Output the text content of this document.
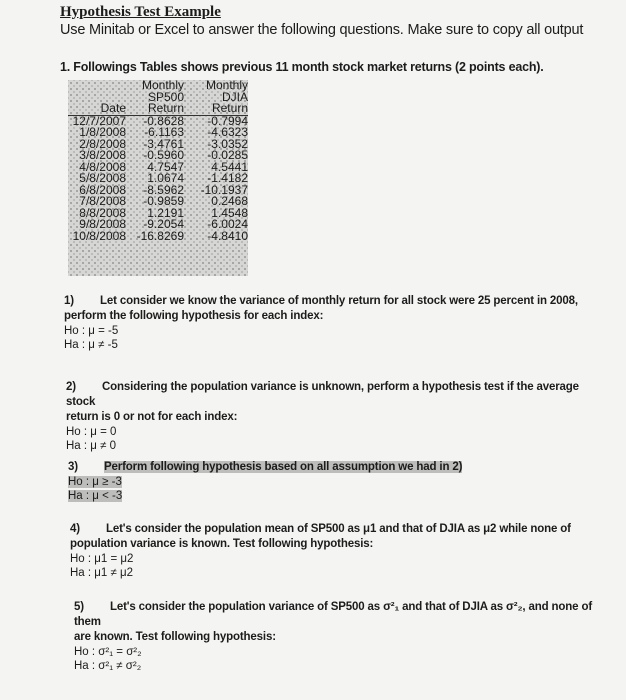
Hypothesis Test Example
Use Minitab or Excel to answer the following questions. Make sure to copy all output
1. Followings Tables shows previous 11 month stock market returns (2 points each).
	Monthly	Monthly
	SP500	DJIA
Date	Return	Return
12/7/2007	-0.8628	-0.7994
1/8/2008	-6.1163	-4.6323
2/8/2008	-3.4761	-3.0352
3/8/2008	-0.5960	-0.0285
4/8/2008	4.7547	4.5441
5/8/2008	1.0674	-1.4182
6/8/2008	-8.5962	-10.1937
7/8/2008	-0.9859	0.2468
8/8/2008	1.2191	1.4548
9/8/2008	-9.2054	-6.0024
10/8/2008	-16.8269	-4.8410
1) Let consider we know the variance of monthly return for all stock were 25 percent in 2008,
perform the following hypothesis for each index:
Ho : μ = -5
Ha : μ ≠ -5
2) Considering the population variance is unknown, perform a hypothesis test if the average stock
return is 0 or not for each index:
Ho : μ = 0
Ha : μ ≠ 0
3) Perform following hypothesis based on all assumption we had in 2)
Ho : μ ≥ -3
Ha : μ < -3
4) Let's consider the population mean of SP500 as μ1 and that of DJIA as μ2 while none of
population variance is known. Test following hypothesis:
Ho : μ1 = μ2
Ha : μ1 ≠ μ2
5) Let's consider the population variance of SP500 as σ²₁ and that of DJIA as σ²₂, and none of them
are known. Test following hypothesis:
Ho : σ²₁ = σ²₂
Ha : σ²₁ ≠ σ²₂
